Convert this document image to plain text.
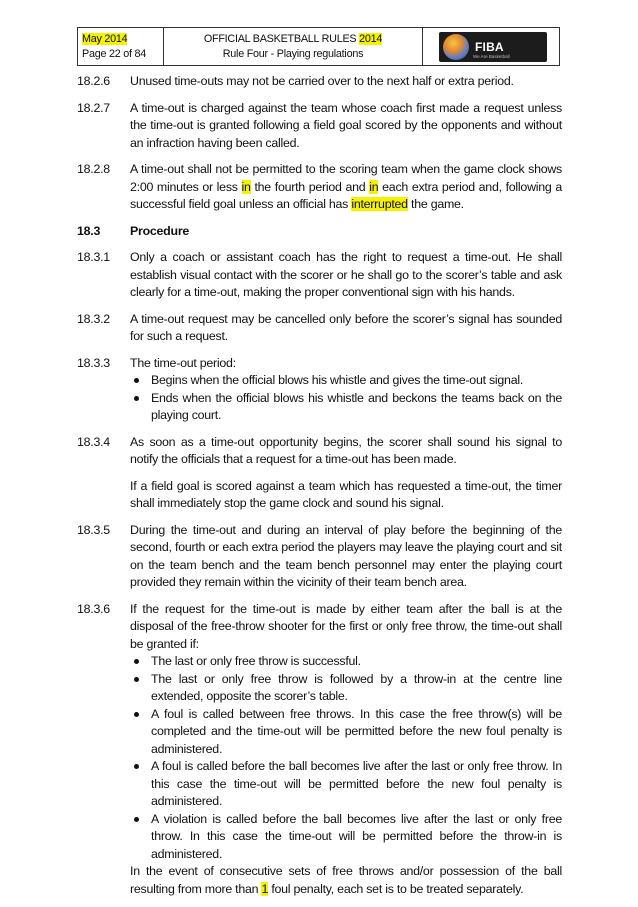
May 2014
Page 22 of 84
OFFICIAL BASKETBALL RULES 2014
Rule Four - Playing regulations	FIBA
We Are Basketball
18.2.6	Unused time-outs may not be carried over to the next half or extra period.
18.2.7	A time-out is charged against the team whose coach first made a request unless the time-out is granted following a field goal scored by the opponents and without an infraction having been called.
18.2.8	A time-out shall not be permitted to the scoring team when the game clock shows 2:00 minutes or less in the fourth period and in each extra period and, following a successful field goal unless an official has interrupted the game.
18.3	Procedure
18.3.1	Only a coach or assistant coach has the right to request a time-out. He shall establish visual contact with the scorer or he shall go to the scorer’s table and ask clearly for a time-out, making the proper conventional sign with his hands.
18.3.2	A time-out request may be cancelled only before the scorer’s signal has sounded for such a request.
18.3.3	The time-out period:

Begins when the official blows his whistle and gives the time-out signal.
Ends when the official blows his whistle and beckons the teams back on the playing court.
18.3.4	As soon as a time-out opportunity begins, the scorer shall sound his signal to notify the officials that a request for a time-out has been made.

If a field goal is scored against a team which has requested a time-out, the timer shall immediately stop the game clock and sound his signal.

18.3.5	During the time-out and during an interval of play before the beginning of the second, fourth or each extra period the players may leave the playing court and sit on the team bench and the team bench personnel may enter the playing court provided they remain within the vicinity of their team bench area.
18.3.6	If the request for the time-out is made by either team after the ball is at the disposal of the free-throw shooter for the first or only free throw, the time-out shall be granted if:

The last or only free throw is successful.
The last or only free throw is followed by a throw-in at the centre line extended, opposite the scorer’s table.
A foul is called between free throws. In this case the free throw(s) will be completed and the time-out will be permitted before the new foul penalty is administered.
A foul is called before the ball becomes live after the last or only free throw. In this case the time-out will be permitted before the new foul penalty is administered.
A violation is called before the ball becomes live after the last or only free throw. In this case the time-out will be permitted before the throw-in is administered.

In the event of consecutive sets of free throws and/or possession of the ball resulting from more than 1 foul penalty, each set is to be treated separately.
